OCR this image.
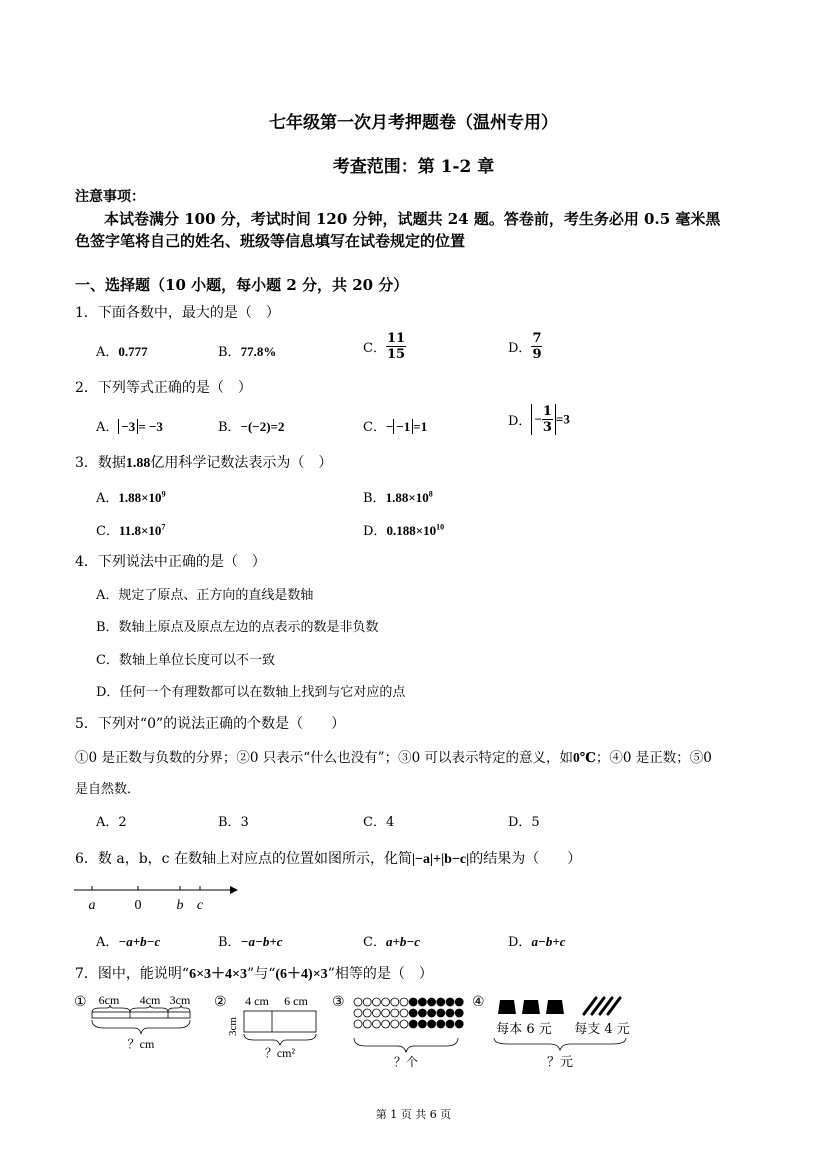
七年级第一次月考押题卷（温州专用）
考查范围：第 1-2 章
注意事项：
本试卷满分 100 分，考试时间 120 分钟，试题共 24 题。答卷前，考生务必用 0.5 毫米黑
色签字笔将自己的姓名、班级等信息填写在试卷规定的位置
一、选择题（10 小题，每小题 2 分，共 20 分）
1．下面各数中，最大的是（　）
A．0.777	B．77.8%	C． $\frac{11}{15}$	D． $\frac{7}{9}$
2．下列等式正确的是（　）
A． −3 = −3	B．−(−2)=2	C．− −1 =1	D． − $\frac{1}{3} =3$
3．数据1.88亿用科学记数法表示为（　）
A．$1.88\times 10^9$	B．$1.88\times 10^8$
C．$11.8\times 10^7$	D．$0.188\times 10^{10}$
4．下列说法中正确的是（　）
A．规定了原点、正方向的直线是数轴
B．数轴上原点及原点左边的点表示的数是非负数
C．数轴上单位长度可以不一致
D．任何一个有理数都可以在数轴上找到与它对应的点
5．下列对“0”的说法正确的个数是（　　）
①0 是正数与负数的分界；②0 只表示“什么也没有”；③0 可以表示特定的意义，如0℃；④0 是正数；⑤0
是自然数．
A．2	B．3	C．4	D．5
6．数 a，b，c 在数轴上对应点的位置如图所示，化简|−a|+|b−c|的结果为（　　）
a	0	b c
A．−a+b−c	B．−a−b+c	C．a+b−c	D．a−b+c
7．图中，能说明“6×3＋4×3”与“(6＋4)×3”相等的是（　）
① 6cm 4cm 3cm
？cm
② 4 cm 6 cm
3cm
？cm²
③
？个
④
每本 6 元 每支 4 元
？元
第 1 页 共 6 页
